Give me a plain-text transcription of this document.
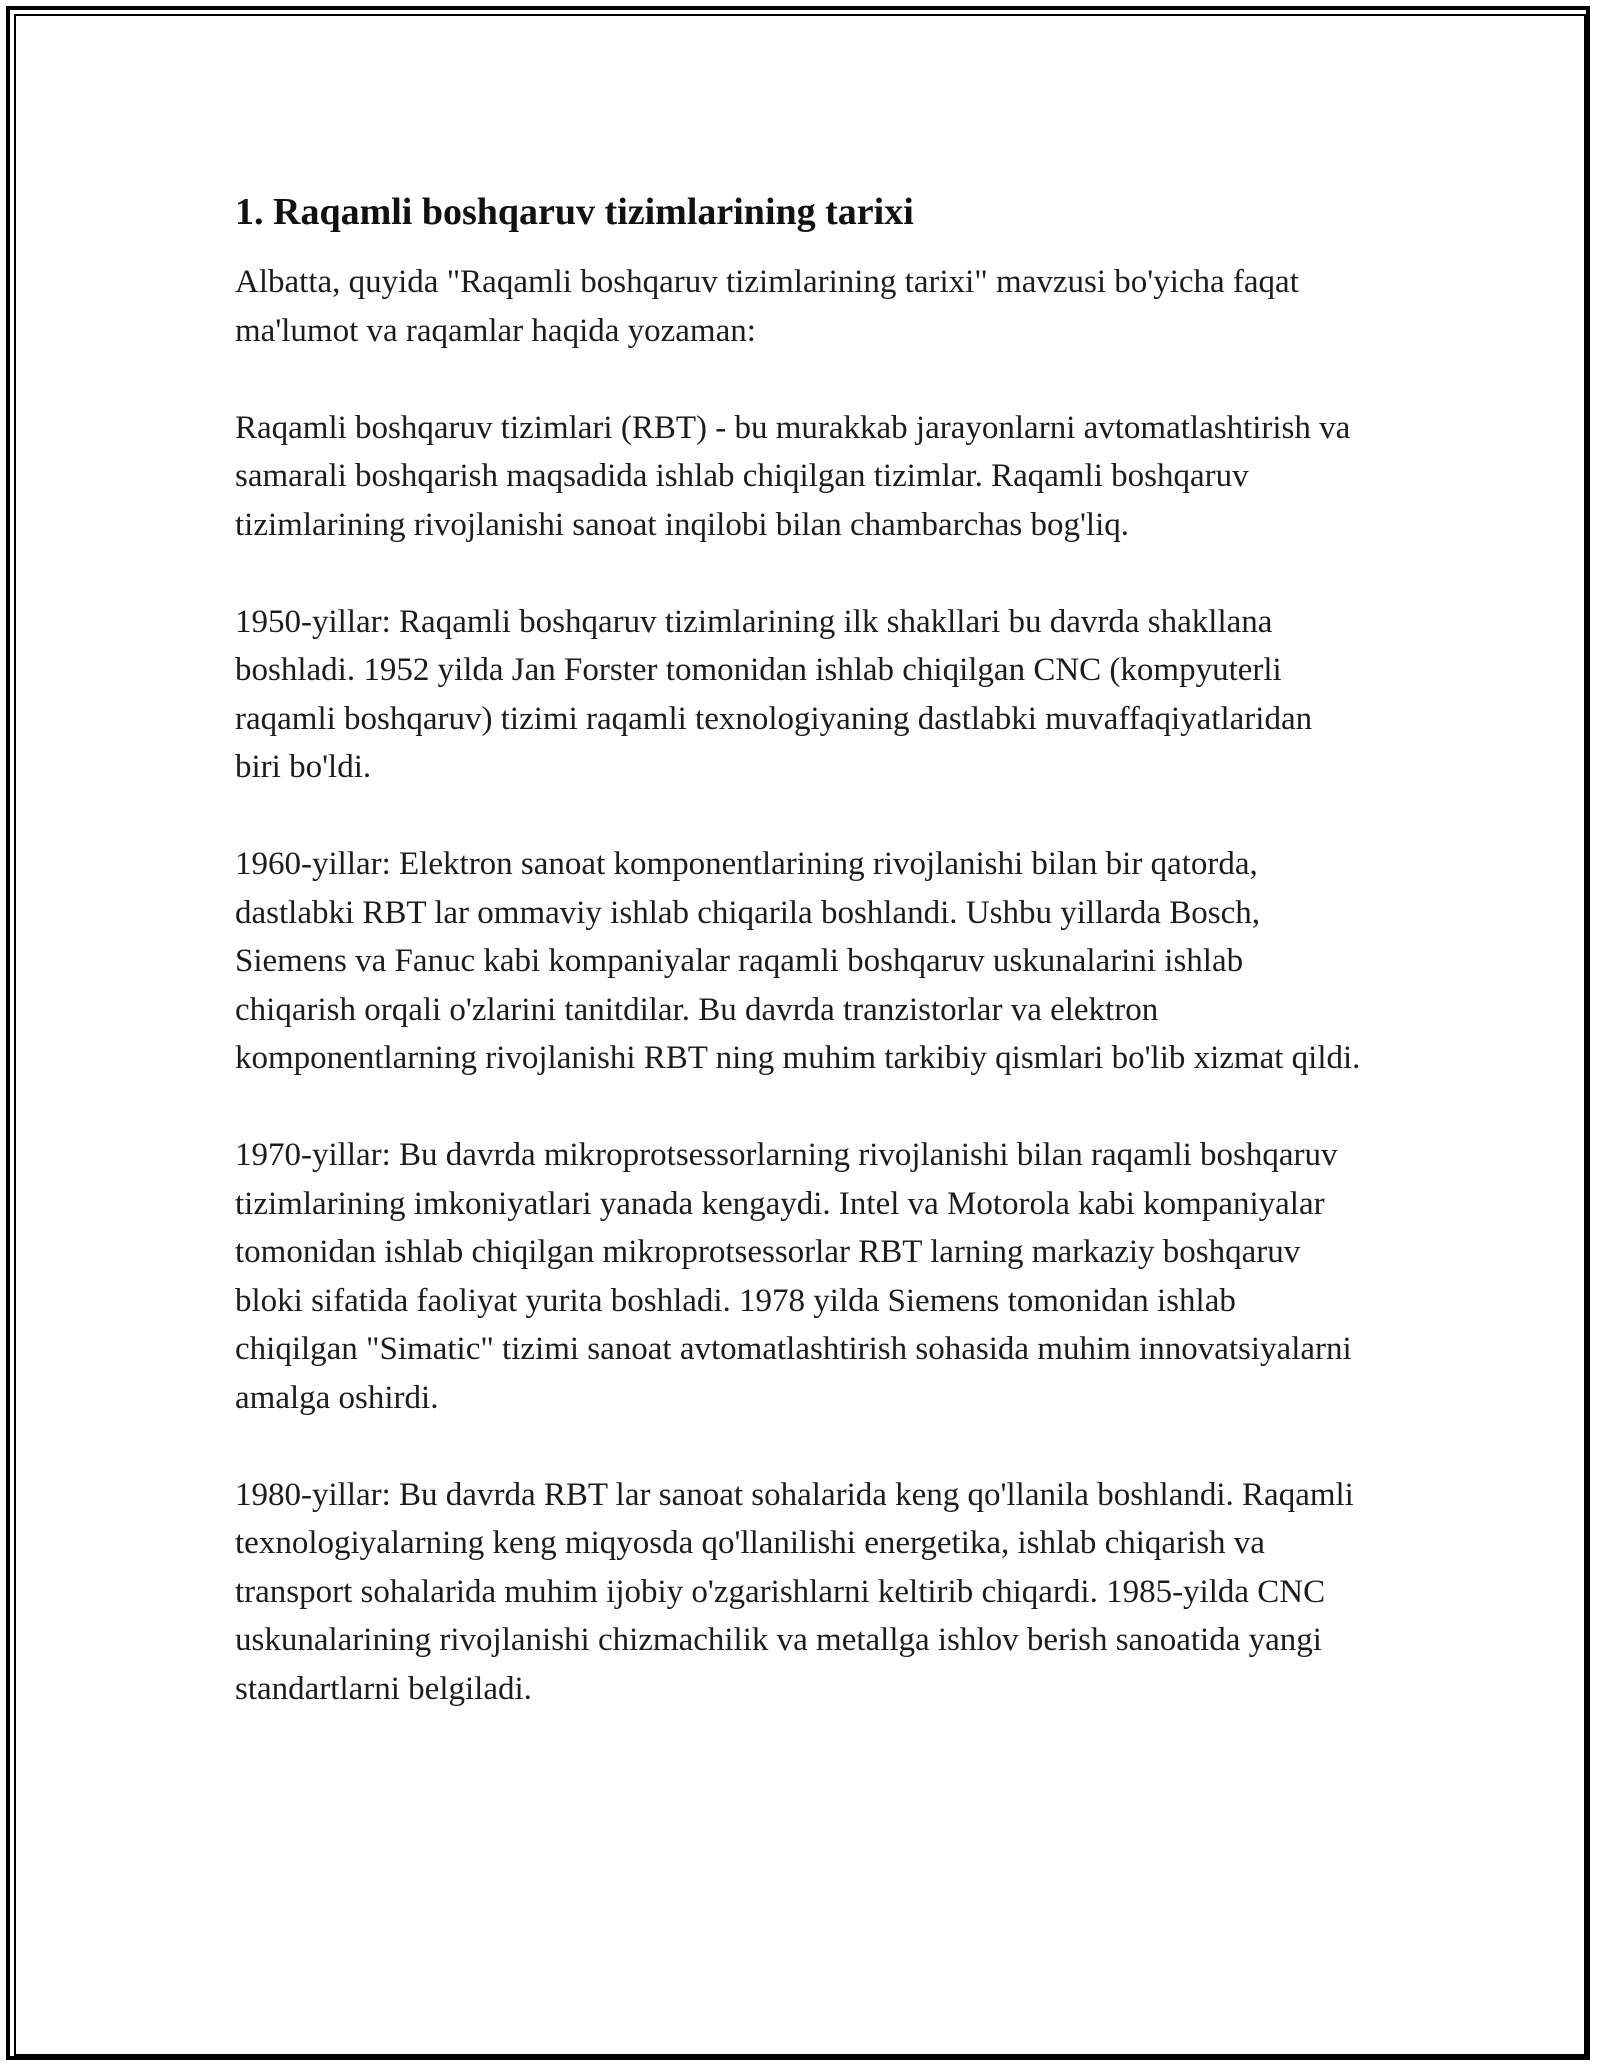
1. Raqamli boshqaruv tizimlarining tarixi

Albatta, quyida "Raqamli boshqaruv tizimlarining tarixi" mavzusi bo'yicha faqat ma'lumot va raqamlar haqida yozaman:

Raqamli boshqaruv tizimlari (RBT) - bu murakkab jarayonlarni avtomatlashtirish va samarali boshqarish maqsadida ishlab chiqilgan tizimlar. Raqamli boshqaruv tizimlarining rivojlanishi sanoat inqilobi bilan chambarchas bog'liq.

1950-yillar: Raqamli boshqaruv tizimlarining ilk shakllari bu davrda shakllana boshladi. 1952 yilda Jan Forster tomonidan ishlab chiqilgan CNC (kompyuterli raqamli boshqaruv) tizimi raqamli texnologiyaning dastlabki muvaffaqiyatlaridan biri bo'ldi.

1960-yillar: Elektron sanoat komponentlarining rivojlanishi bilan bir qatorda, dastlabki RBT lar ommaviy ishlab chiqarila boshlandi. Ushbu yillarda Bosch, Siemens va Fanuc kabi kompaniyalar raqamli boshqaruv uskunalarini ishlab chiqarish orqali o'zlarini tanitdilar. Bu davrda tranzistorlar va elektron komponentlarning rivojlanishi RBT ning muhim tarkibiy qismlari bo'lib xizmat qildi.

1970-yillar: Bu davrda mikroprotsessorlarning rivojlanishi bilan raqamli boshqaruv tizimlarining imkoniyatlari yanada kengaydi. Intel va Motorola kabi kompaniyalar tomonidan ishlab chiqilgan mikroprotsessorlar RBT larning markaziy boshqaruv bloki sifatida faoliyat yurita boshladi. 1978 yilda Siemens tomonidan ishlab chiqilgan "Simatic" tizimi sanoat avtomatlashtirish sohasida muhim innovatsiyalarni amalga oshirdi.

1980-yillar: Bu davrda RBT lar sanoat sohalarida keng qo'llanila boshlandi. Raqamli texnologiyalarning keng miqyosda qo'llanilishi energetika, ishlab chiqarish va transport sohalarida muhim ijobiy o'zgarishlarni keltirib chiqardi. 1985-yilda CNC uskunalarining rivojlanishi chizmachilik va metallga ishlov berish sanoatida yangi standartlarni belgiladi.
